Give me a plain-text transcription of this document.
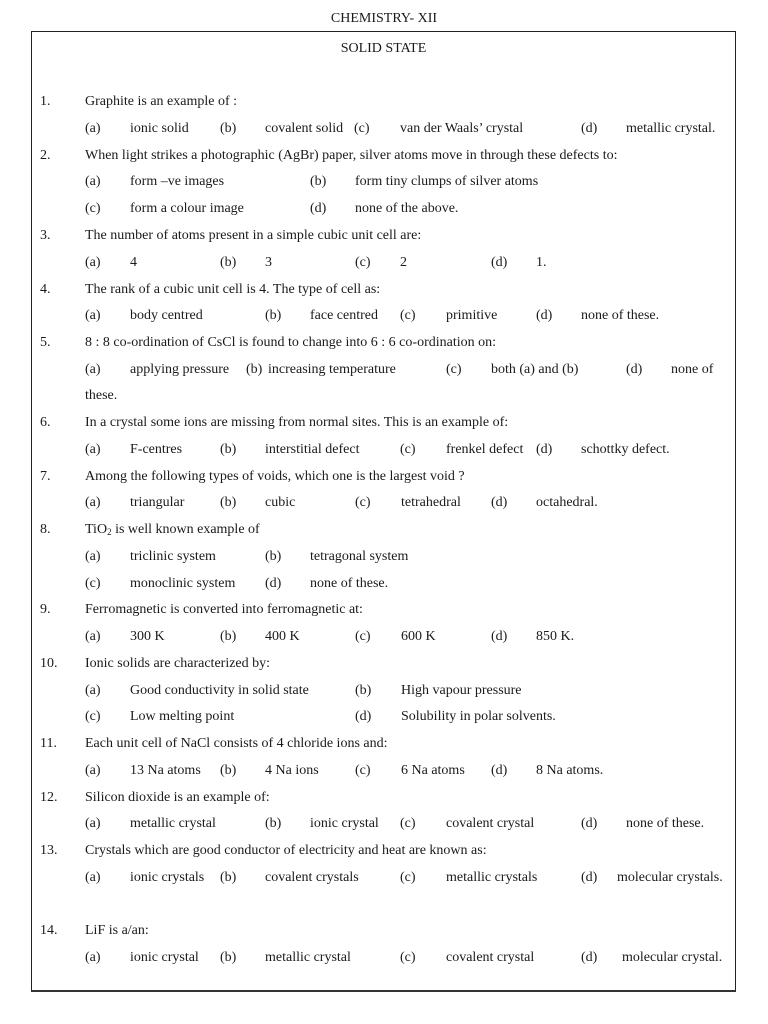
CHEMISTRY- XII
SOLID STATE
1. Graphite is an example of :
(a) ionic solid (b) covalent solid (c) van der Waals’ crystal	(d) metallic crystal.
2. When light strikes a photographic (AgBr) paper, silver atoms move in through these defects to:
(a) form –ve images	(b) form tiny clumps of silver atoms
(c) form a colour image	(d) none of the above.
3. The number of atoms present in a simple cubic unit cell are:
(a) 4	(b) 3	(c) 2	(d) 1.
4. The rank of a cubic unit cell is 4. The type of cell as:
(a) body centred	(b) face centred (c) primitive	(d) none of these.
5. 8 : 8 co-ordination of CsCl is found to change into 6 : 6 co-ordination on:
(a) applying pressure (b) increasing temperature	(c) both (a) and (b)	(d) none of
these.
6. In a crystal some ions are missing from normal sites. This is an example of:
(a) F-centres	(b) interstitial defect	(c) frenkel defect (d) schottky defect.
7. Among the following types of voids, which one is the largest void ?
(a) triangular	(b) cubic	(c) tetrahedral (d) octahedral.
8. TiO$_2$ is well known example of
(a) triclinic system	(b) tetragonal system
(c) monoclinic system (d) none of these.
9. Ferromagnetic is converted into ferromagnetic at:
(a) 300 K	(b) 400 K	(c) 600 K	(d) 850 K.
10. Ionic solids are characterized by:
(a) Good conductivity in solid state	(b) High vapour pressure
(c) Low melting point	(d) Solubility in polar solvents.
11. Each unit cell of NaCl consists of 4 chloride ions and:
(a) 13 Na atoms (b) 4 Na ions	(c) 6 Na atoms (d) 8 Na atoms.
12. Silicon dioxide is an example of:
(a) metallic crystal	(b) ionic crystal (c) covalent crystal	(d) none of these.
13. Crystals which are good conductor of electricity and heat are known as:
(a) ionic crystals (b) covalent crystals	(c) metallic crystals	(d) molecular crystals.
14. LiF is a/an:
(a) ionic crystal (b) metallic crystal	(c) covalent crystal	(d) molecular crystal.
